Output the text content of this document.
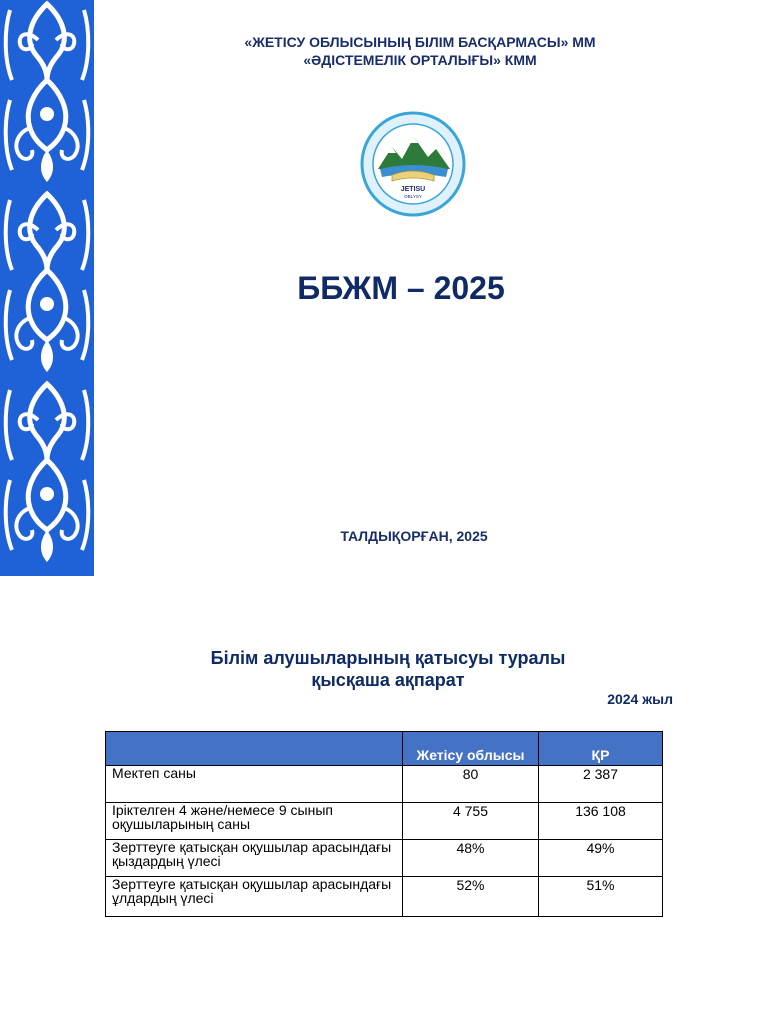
«ЖЕТІСУ ОБЛЫСЫНЫҢ БІЛІМ БАСҚАРМАСЫ» ММ
«ӘДІСТЕМЕЛІК ОРТАЛЫҒЫ» КММ
JETISU
OBLYSY
ББЖМ – 2025
ТАЛДЫҚОРҒАН, 2025
Білім алушыларының қатысуы туралы
қысқаша ақпарат
2024 жыл
	Жетісу облысы	ҚР
Мектеп саны	80	2 387
Іріктелген 4 және/немесе 9 сынып оқушыларының саны	4 755	136 108
Зерттеуге қатысқан оқушылар арасындағы қыздардың үлесі	48%	49%
Зерттеуге қатысқан оқушылар арасындағы ұлдардың үлесі	52%	51%
